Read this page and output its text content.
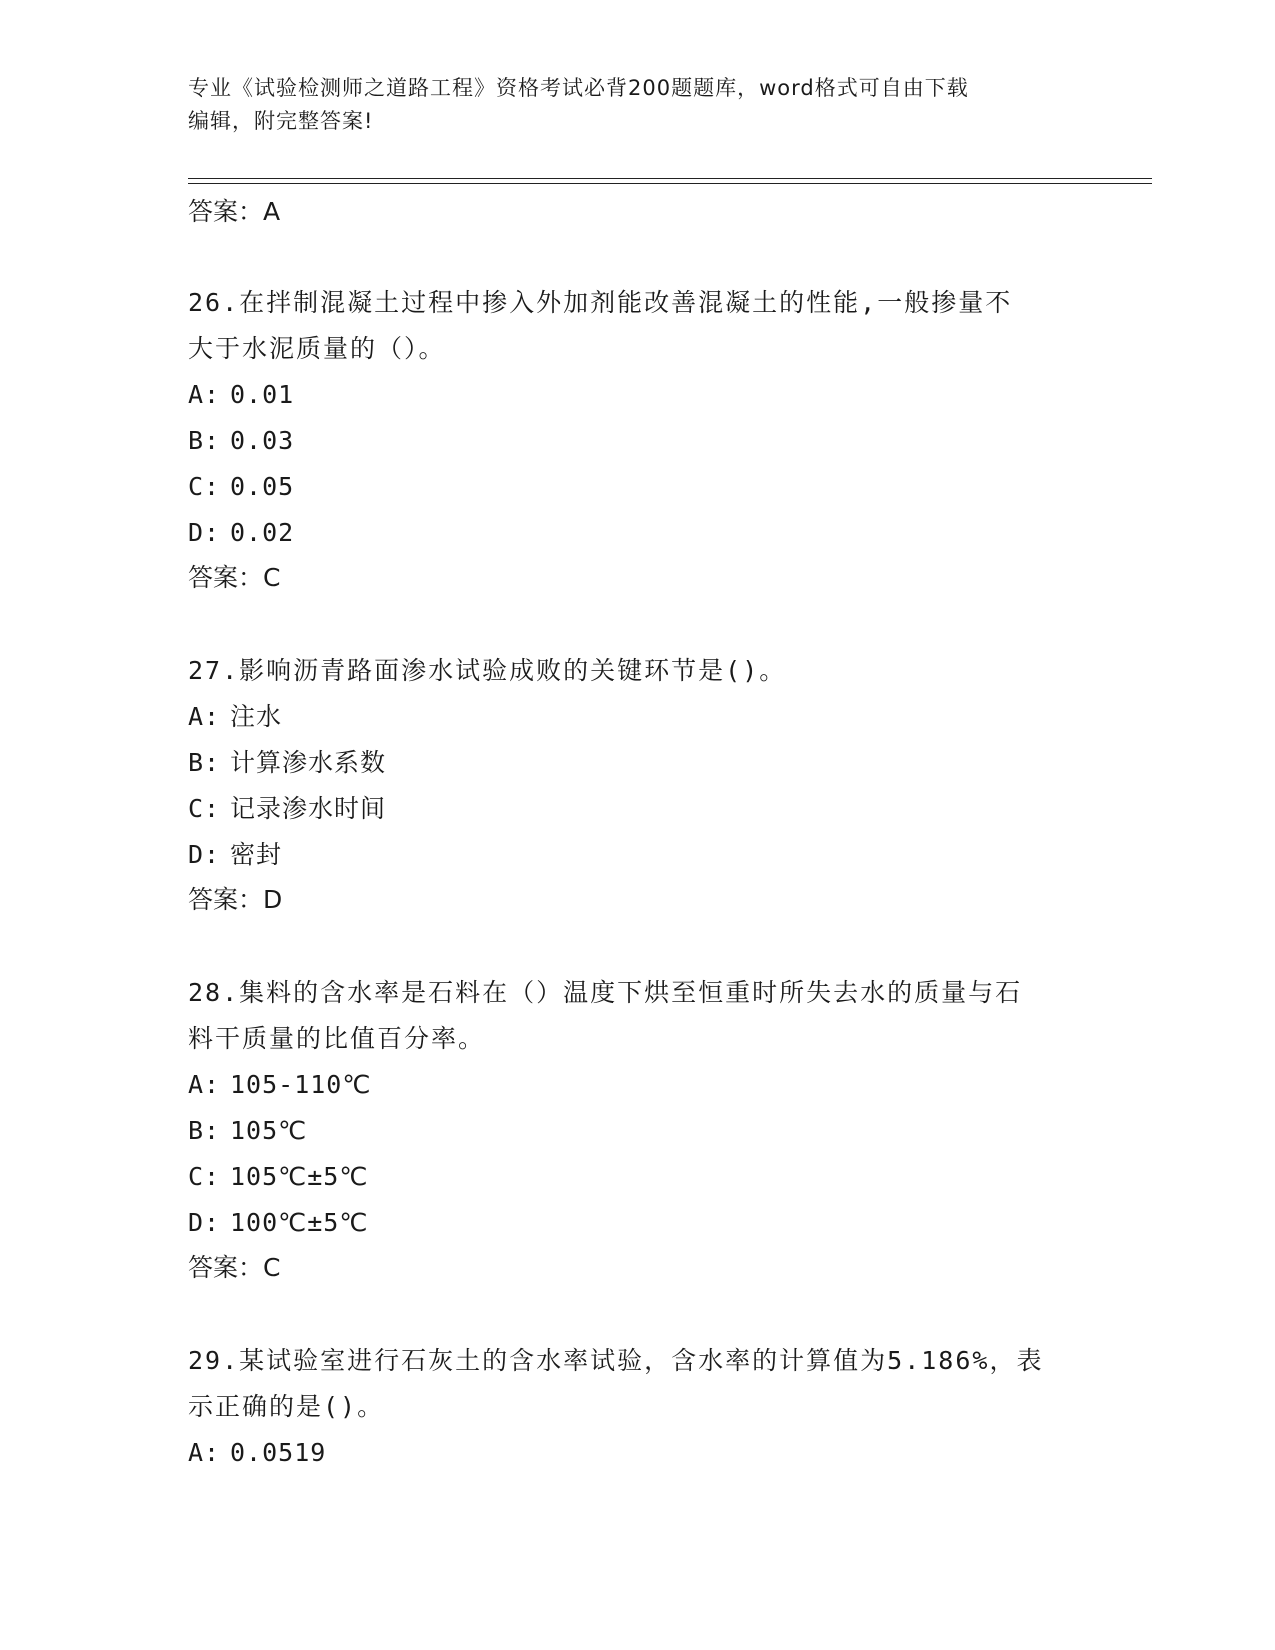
专业《试验检测师之道路工程》资格考试必背200题题库，word格式可自由下载
编辑，附完整答案!
答案：A
26.在拌制混凝土过程中掺入外加剂能改善混凝土的性能,一般掺量不
大于水泥质量的（）。
A: 0.01
B: 0.03
C: 0.05
D: 0.02
答案：C
27.影响沥青路面渗水试验成败的关键环节是()。
A: 注水
B: 计算渗水系数
C: 记录渗水时间
D: 密封
答案：D
28.集料的含水率是石料在（）温度下烘至恒重时所失去水的质量与石
料干质量的比值百分率。
A: 105-110℃
B: 105℃
C: 105℃±5℃
D: 100℃±5℃
答案：C
29.某试验室进行石灰土的含水率试验，含水率的计算值为5.186%，表
示正确的是()。
A: 0.0519
